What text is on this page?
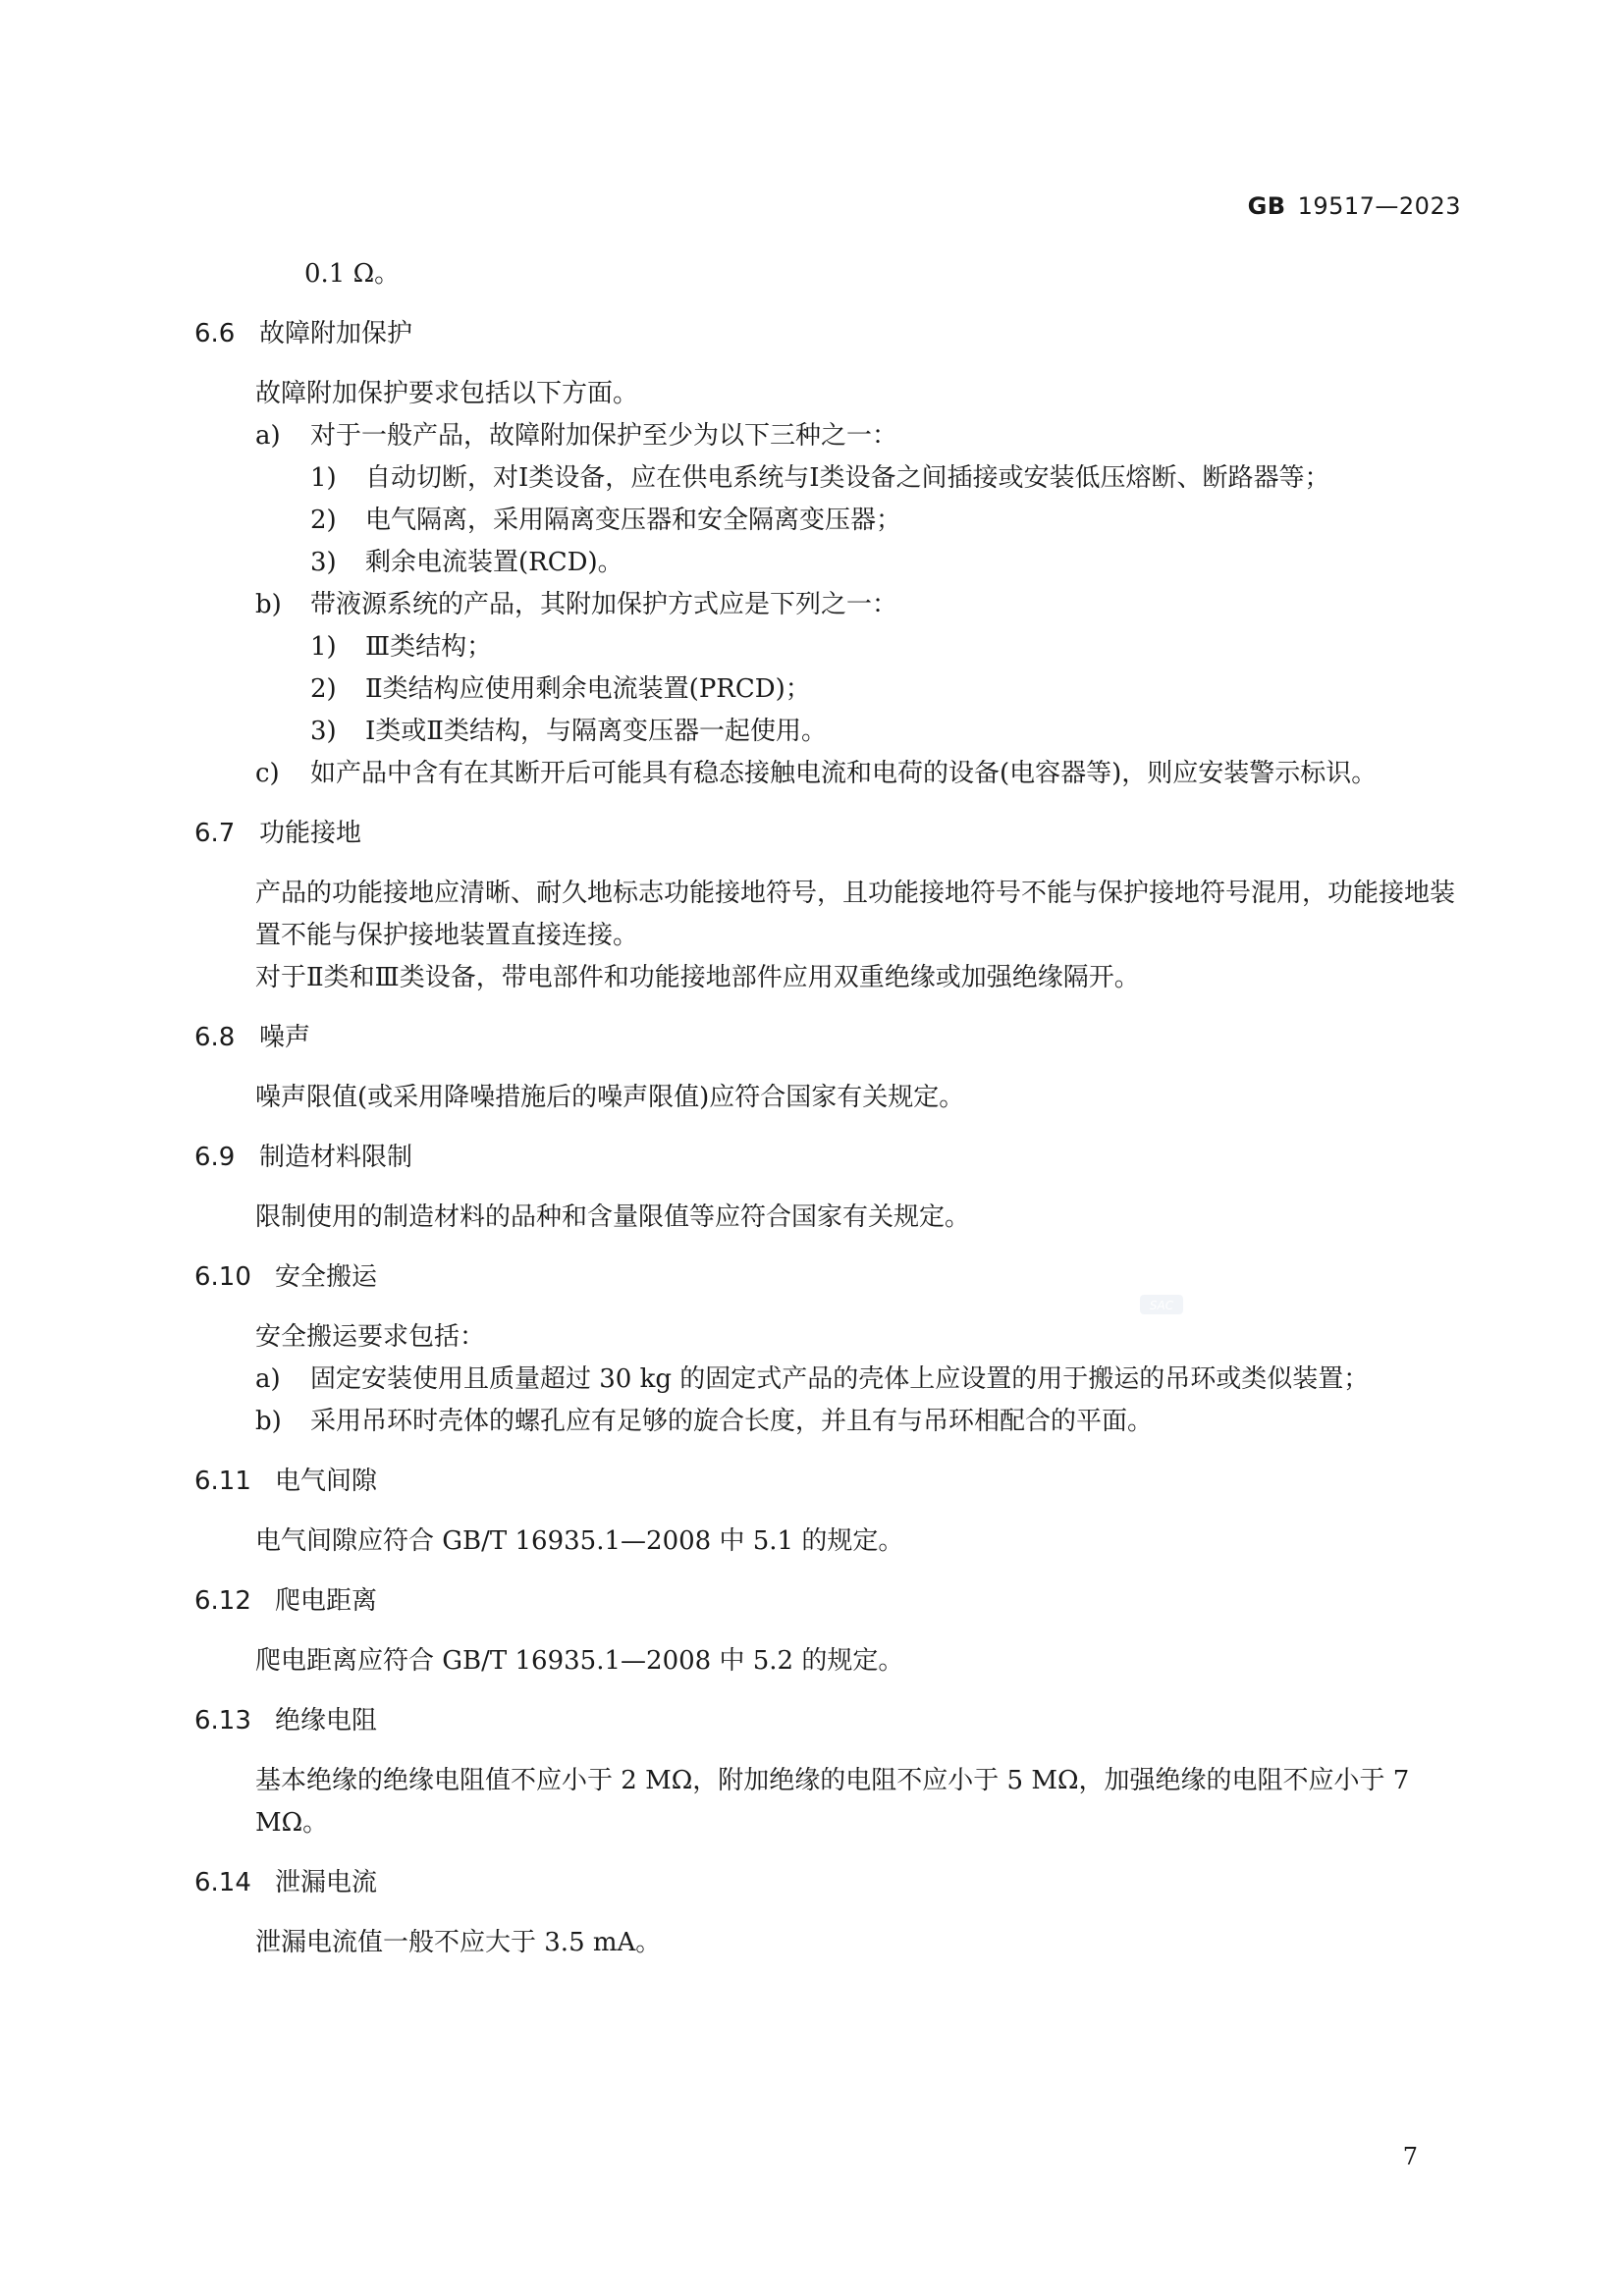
GB 19517—2023

0.1 Ω。

6.6 故障附加保护

故障附加保护要求包括以下方面。

a)	对于一般产品，故障附加保护至少为以下三种之一：
1)	自动切断，对Ⅰ类设备，应在供电系统与Ⅰ类设备之间插接或安装低压熔断、断路器等；
2)	电气隔离，采用隔离变压器和安全隔离变压器；
3)	剩余电流装置(RCD)。
b)	带液源系统的产品，其附加保护方式应是下列之一：
1)	Ⅲ类结构；
2)	Ⅱ类结构应使用剩余电流装置(PRCD)；
3)	Ⅰ类或Ⅱ类结构，与隔离变压器一起使用。
c)	如产品中含有在其断开后可能具有稳态接触电流和电荷的设备(电容器等)，则应安装警示标识。
6.7 功能接地

产品的功能接地应清晰、耐久地标志功能接地符号，且功能接地符号不能与保护接地符号混用，功能接地装置不能与保护接地装置直接连接。

对于Ⅱ类和Ⅲ类设备，带电部件和功能接地部件应用双重绝缘或加强绝缘隔开。

6.8 噪声

噪声限值(或采用降噪措施后的噪声限值)应符合国家有关规定。

6.9 制造材料限制

限制使用的制造材料的品种和含量限值等应符合国家有关规定。

6.10 安全搬运

安全搬运要求包括：

a)	固定安装使用且质量超过 30 kg 的固定式产品的壳体上应设置的用于搬运的吊环或类似装置；
b)	采用吊环时壳体的螺孔应有足够的旋合长度，并且有与吊环相配合的平面。
6.11 电气间隙

电气间隙应符合 GB/T 16935.1—2008 中 5.1 的规定。

6.12 爬电距离

爬电距离应符合 GB/T 16935.1—2008 中 5.2 的规定。

6.13 绝缘电阻

基本绝缘的绝缘电阻值不应小于 2 MΩ，附加绝缘的电阻不应小于 5 MΩ，加强绝缘的电阻不应小于 7 MΩ。

6.14 泄漏电流

泄漏电流值一般不应大于 3.5 mA。

SAC
7
